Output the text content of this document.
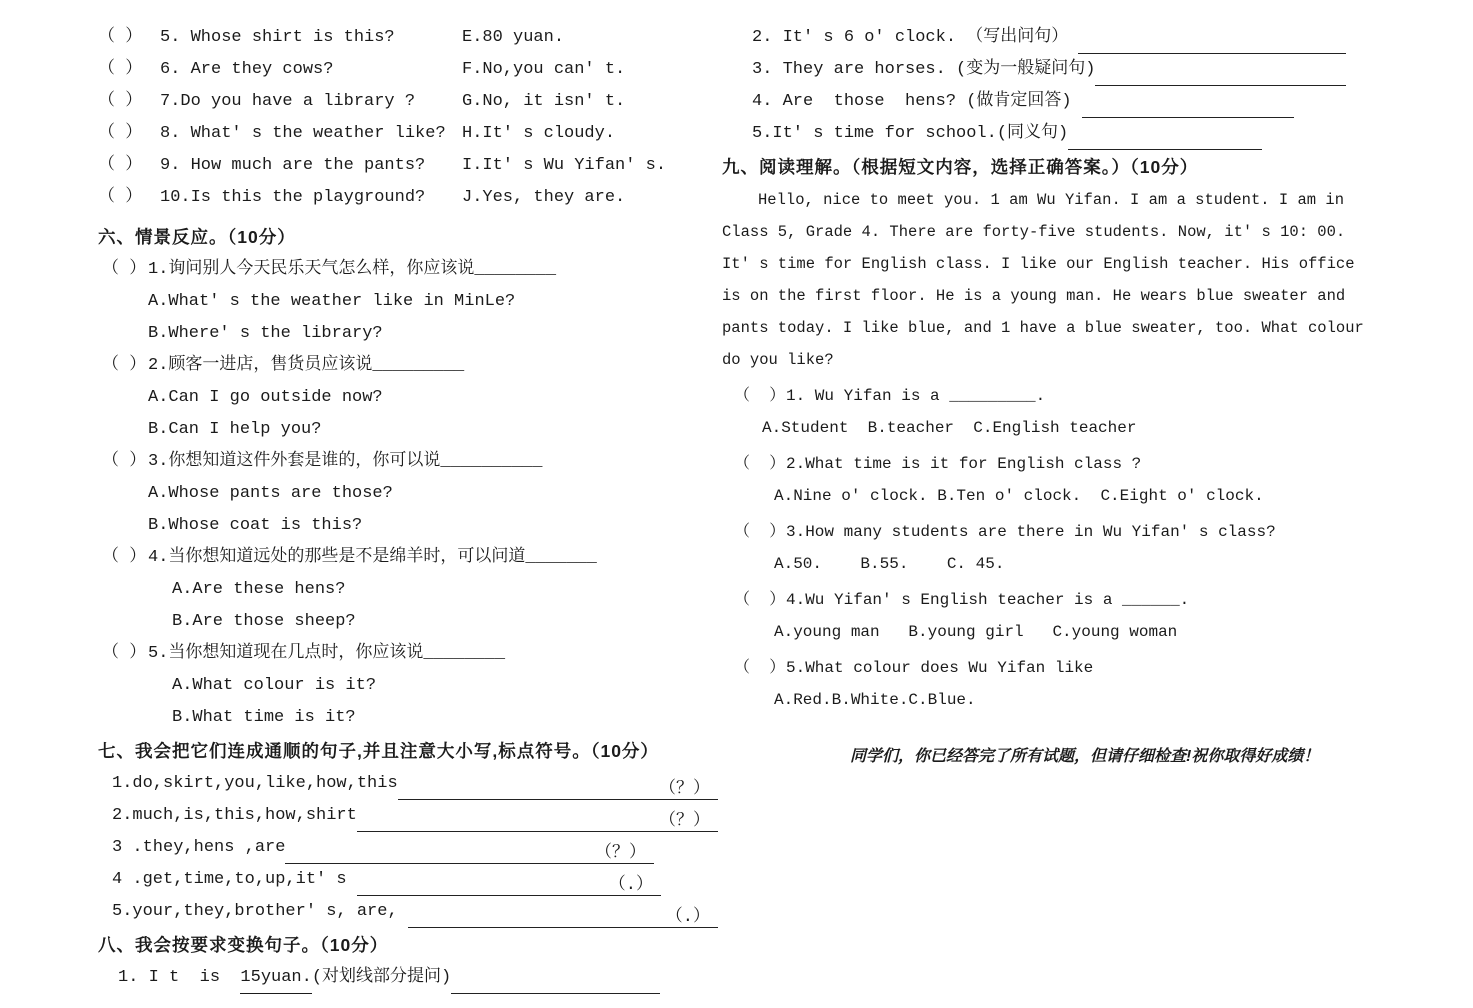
（ ） 5. Whose shirt is this?	E.80 yuan.
（ ） 6. Are they cows?	F.No,you can' t.
（ ） 7.Do you have a library ?	G.No, it isn' t.
（ ） 8. What' s the weather like? H.It' s cloudy.
（ ） 9. How much are the pants?	I.It' s Wu Yifan' s.
（ ） 10.Is this the playground?	J.Yes, they are.
六、情景反应。（10分）
（ ） 1.询问别人今天民乐天气怎么样，你应该说________
A.What' s the weather like in MinLe?
B.Where' s the library?
（ ） 2.顾客一进店，售货员应该说_________
A.Can I go outside now?
B.Can I help you?
（ ） 3.你想知道这件外套是谁的，你可以说__________
A.Whose pants are those?
B.Whose coat is this?
（ ） 4.当你想知道远处的那些是不是绵羊时，可以问道_______
A.Are these hens?
B.Are those sheep?
（ ） 5.当你想知道现在几点时，你应该说________
A.What colour is it?
B.What time is it?
七、我会把它们连成通顺的句子,并且注意大小写,标点符号。（10分）
1.do,skirt,you,like,how,this	（？）
2.much,is,this,how,shirt	（？）
3 .they,hens ,are	（？）
4 .get,time,to,up,it' s	（.）
5.your,they,brother' s, are,	（.）
八、我会按要求变换句子。（10分）
1. I t  is 15yuan. (对划线部分提问)
2. It' s 6 o' clock. （写出问句）
3. They are horses. (变为一般疑问句)
4. Are  those  hens? (做肯定回答)
5.It' s time for school.(同义句)
九、阅读理解。（根据短文内容，选择正确答案。）（10分）
Hello, nice to meet you. 1 am Wu Yifan. I am a student. I am in
Class 5, Grade 4. There are forty-five students. Now, it' s 10: 00.
It' s time for English class. I like our English teacher. His office
is on the first floor. He is a young man. He wears blue sweater and
pants today. I like blue, and 1 have a blue sweater, too. What colour
do you like?
（  ）1. Wu Yifan is a _________.
A.Student  B.teacher  C.English teacher
（  ）2.What time is it for English class ?
A.Nine o' clock. B.Ten o' clock.  C.Eight o' clock.
（  ）3.How many students are there in Wu Yifan' s class?
A.50.    B.55.    C. 45.
（  ）4.Wu Yifan' s English teacher is a ______.
A.young man   B.young girl   C.young woman
（  ）5.What colour does Wu Yifan like
A.Red.B.White.C.Blue.
同学们，你已经答完了所有试题，但请仔细检查!祝你取得好成绩！
